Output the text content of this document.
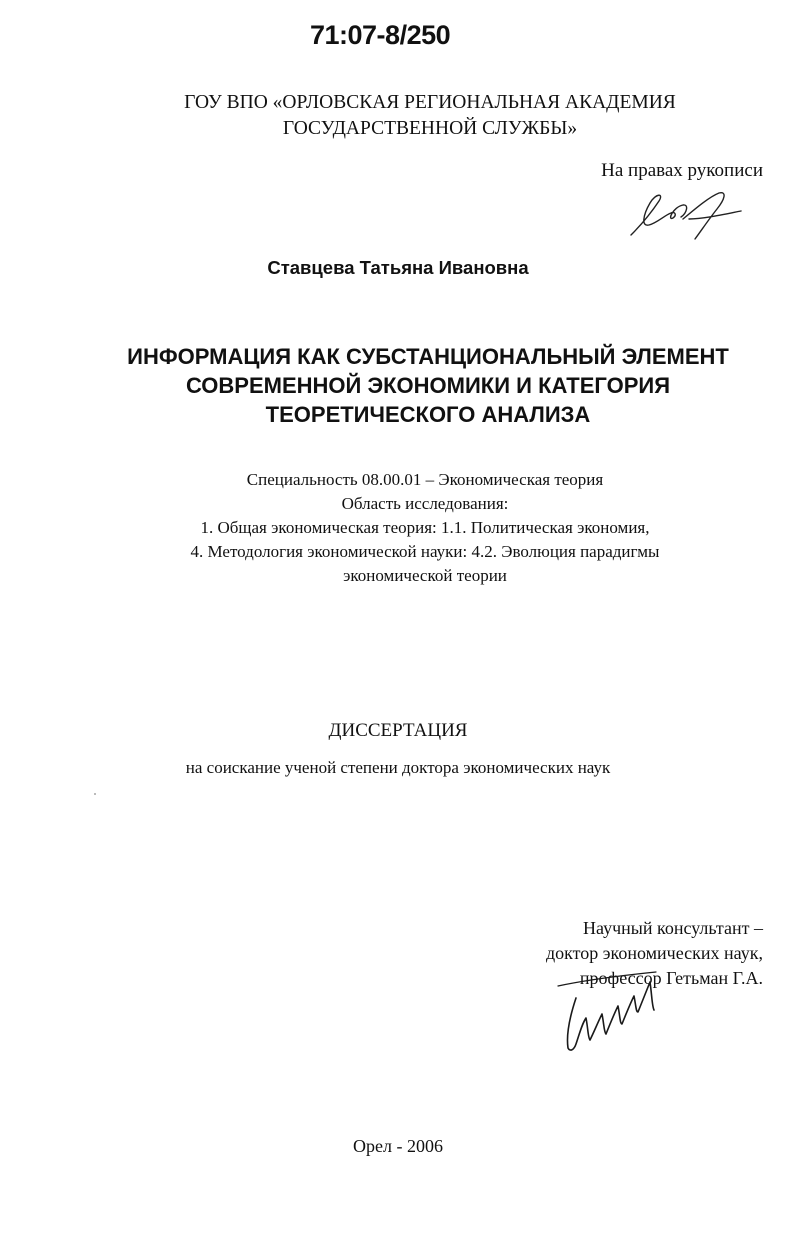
71:07-8/250
ГОУ ВПО «ОРЛОВСКАЯ РЕГИОНАЛЬНАЯ АКАДЕМИЯ
ГОСУДАРСТВЕННОЙ СЛУЖБЫ»
На правах рукописи
Ставцева Татьяна Ивановна
ИНФОРМАЦИЯ КАК СУБСТАНЦИОНАЛЬНЫЙ ЭЛЕМЕНТ
СОВРЕМЕННОЙ ЭКОНОМИКИ И КАТЕГОРИЯ
ТЕОРЕТИЧЕСКОГО АНАЛИЗА
Специальность 08.00.01 – Экономическая теория
Область исследования:
1. Общая экономическая теория: 1.1. Политическая экономия,
4. Методология экономической науки: 4.2. Эволюция парадигмы
экономической теории
ДИССЕРТАЦИЯ
на соискание ученой степени доктора экономических наук
Научный консультант –
доктор экономических наук,
профессор Гетьман Г.А.
Орел - 2006
